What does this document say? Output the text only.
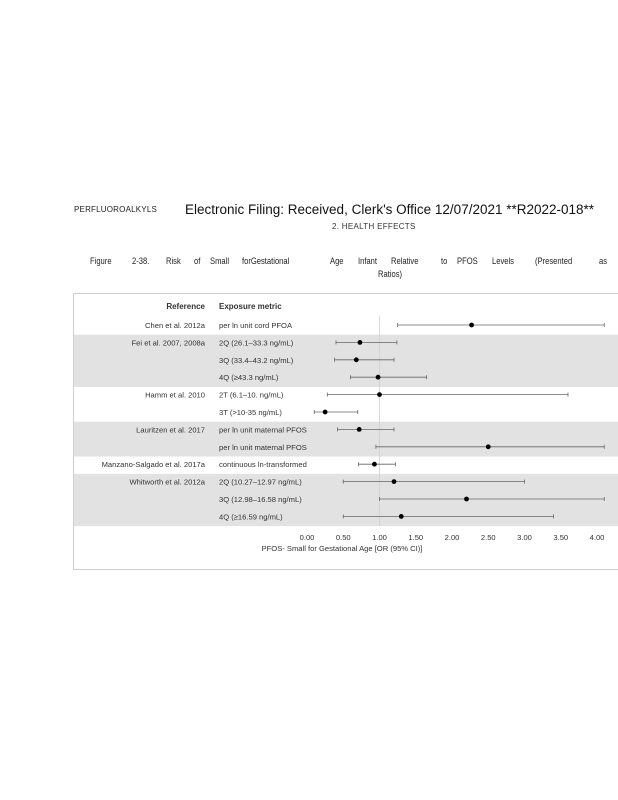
PERFLUOROALKYLS Electronic Filing: Received, Clerk's Office 12/07/2021 **R2022-018**
2. HEALTH EFFECTS
Figure 2-38. Risk of Small forGestational	Age Infant Relative to PFOS Levels (Presented	as
Ratios)
Reference Exposure metric
Chen et al. 2012a per ln unit cord PFOA
Fei et al. 2007, 2008a 2Q (26.1–33.3 ng/mL)
3Q (33.4–43.2 ng/mL)
4Q (≥43.3 ng/mL)
Hamm et al. 2010 2T (6.1–10. ng/mL)
3T (>10-35 ng/mL)
Lauritzen et al. 2017 per ln unit maternal PFOS
per ln unit maternal PFOS
Manzano-Salgado et al. 2017a continuous ln-transformed
Whitworth et al. 2012a 2Q (10.27–12.97 ng/mL)
3Q (12.98–16.58 ng/mL)
4Q (≥16.59 ng/mL)
0.00	0.50	1.00	1.50	2.00	2.50	3.00	3.50	4.00
PFOS- Small for Gestational Age [OR (95% CI)]
